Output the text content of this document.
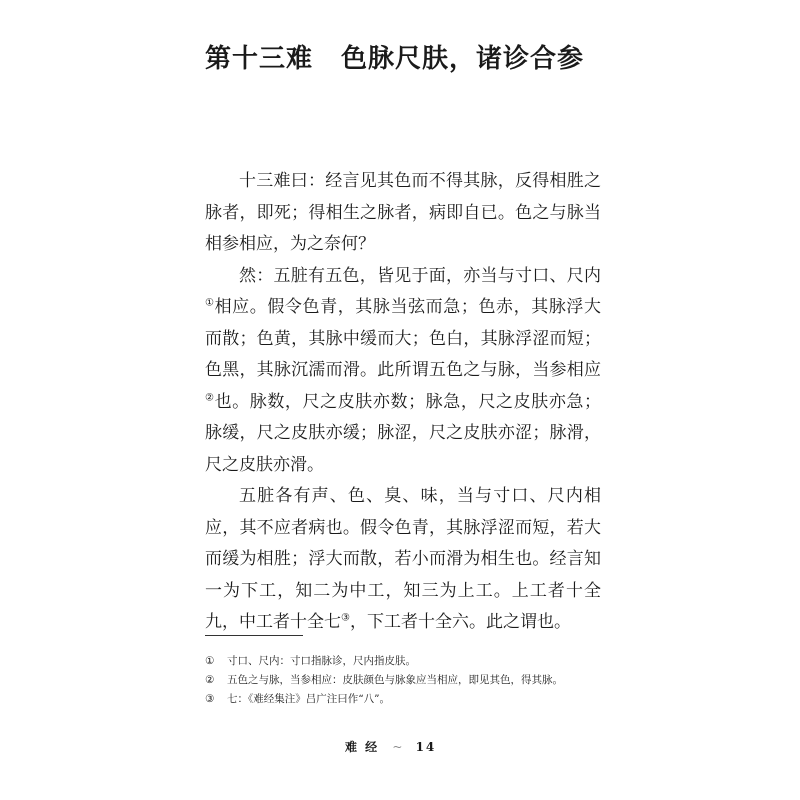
第十三难 色脉尺肤，诸诊合参

十三难曰：经言见其色而不得其脉，反得相胜之脉者，即死；得相生之脉者，病即自已。色之与脉当相参相应，为之奈何？

然：五脏有五色，皆见于面，亦当与寸口、尺内①相应。假令色青，其脉当弦而急；色赤，其脉浮大而散；色黄，其脉中缓而大；色白，其脉浮涩而短；色黑，其脉沉濡而滑。此所谓五色之与脉，当参相应②也。脉数，尺之皮肤亦数；脉急，尺之皮肤亦急；脉缓，尺之皮肤亦缓；脉涩，尺之皮肤亦涩；脉滑，尺之皮肤亦滑。

五脏各有声、色、臭、味，当与寸口、尺内相应，其不应者病也。假令色青，其脉浮涩而短，若大而缓为相胜；浮大而散，若小而滑为相生也。经言知一为下工，知二为中工，知三为上工。上工者十全九，中工者十全七③，下工者十全六。此之谓也。

① 寸口、尺内：寸口指脉诊，尺内指皮肤。
② 五色之与脉，当参相应：皮肤颜色与脉象应当相应，即见其色，得其脉。
③ 七：《难经集注》吕广注曰作“八”。
难 经 ~ 14
